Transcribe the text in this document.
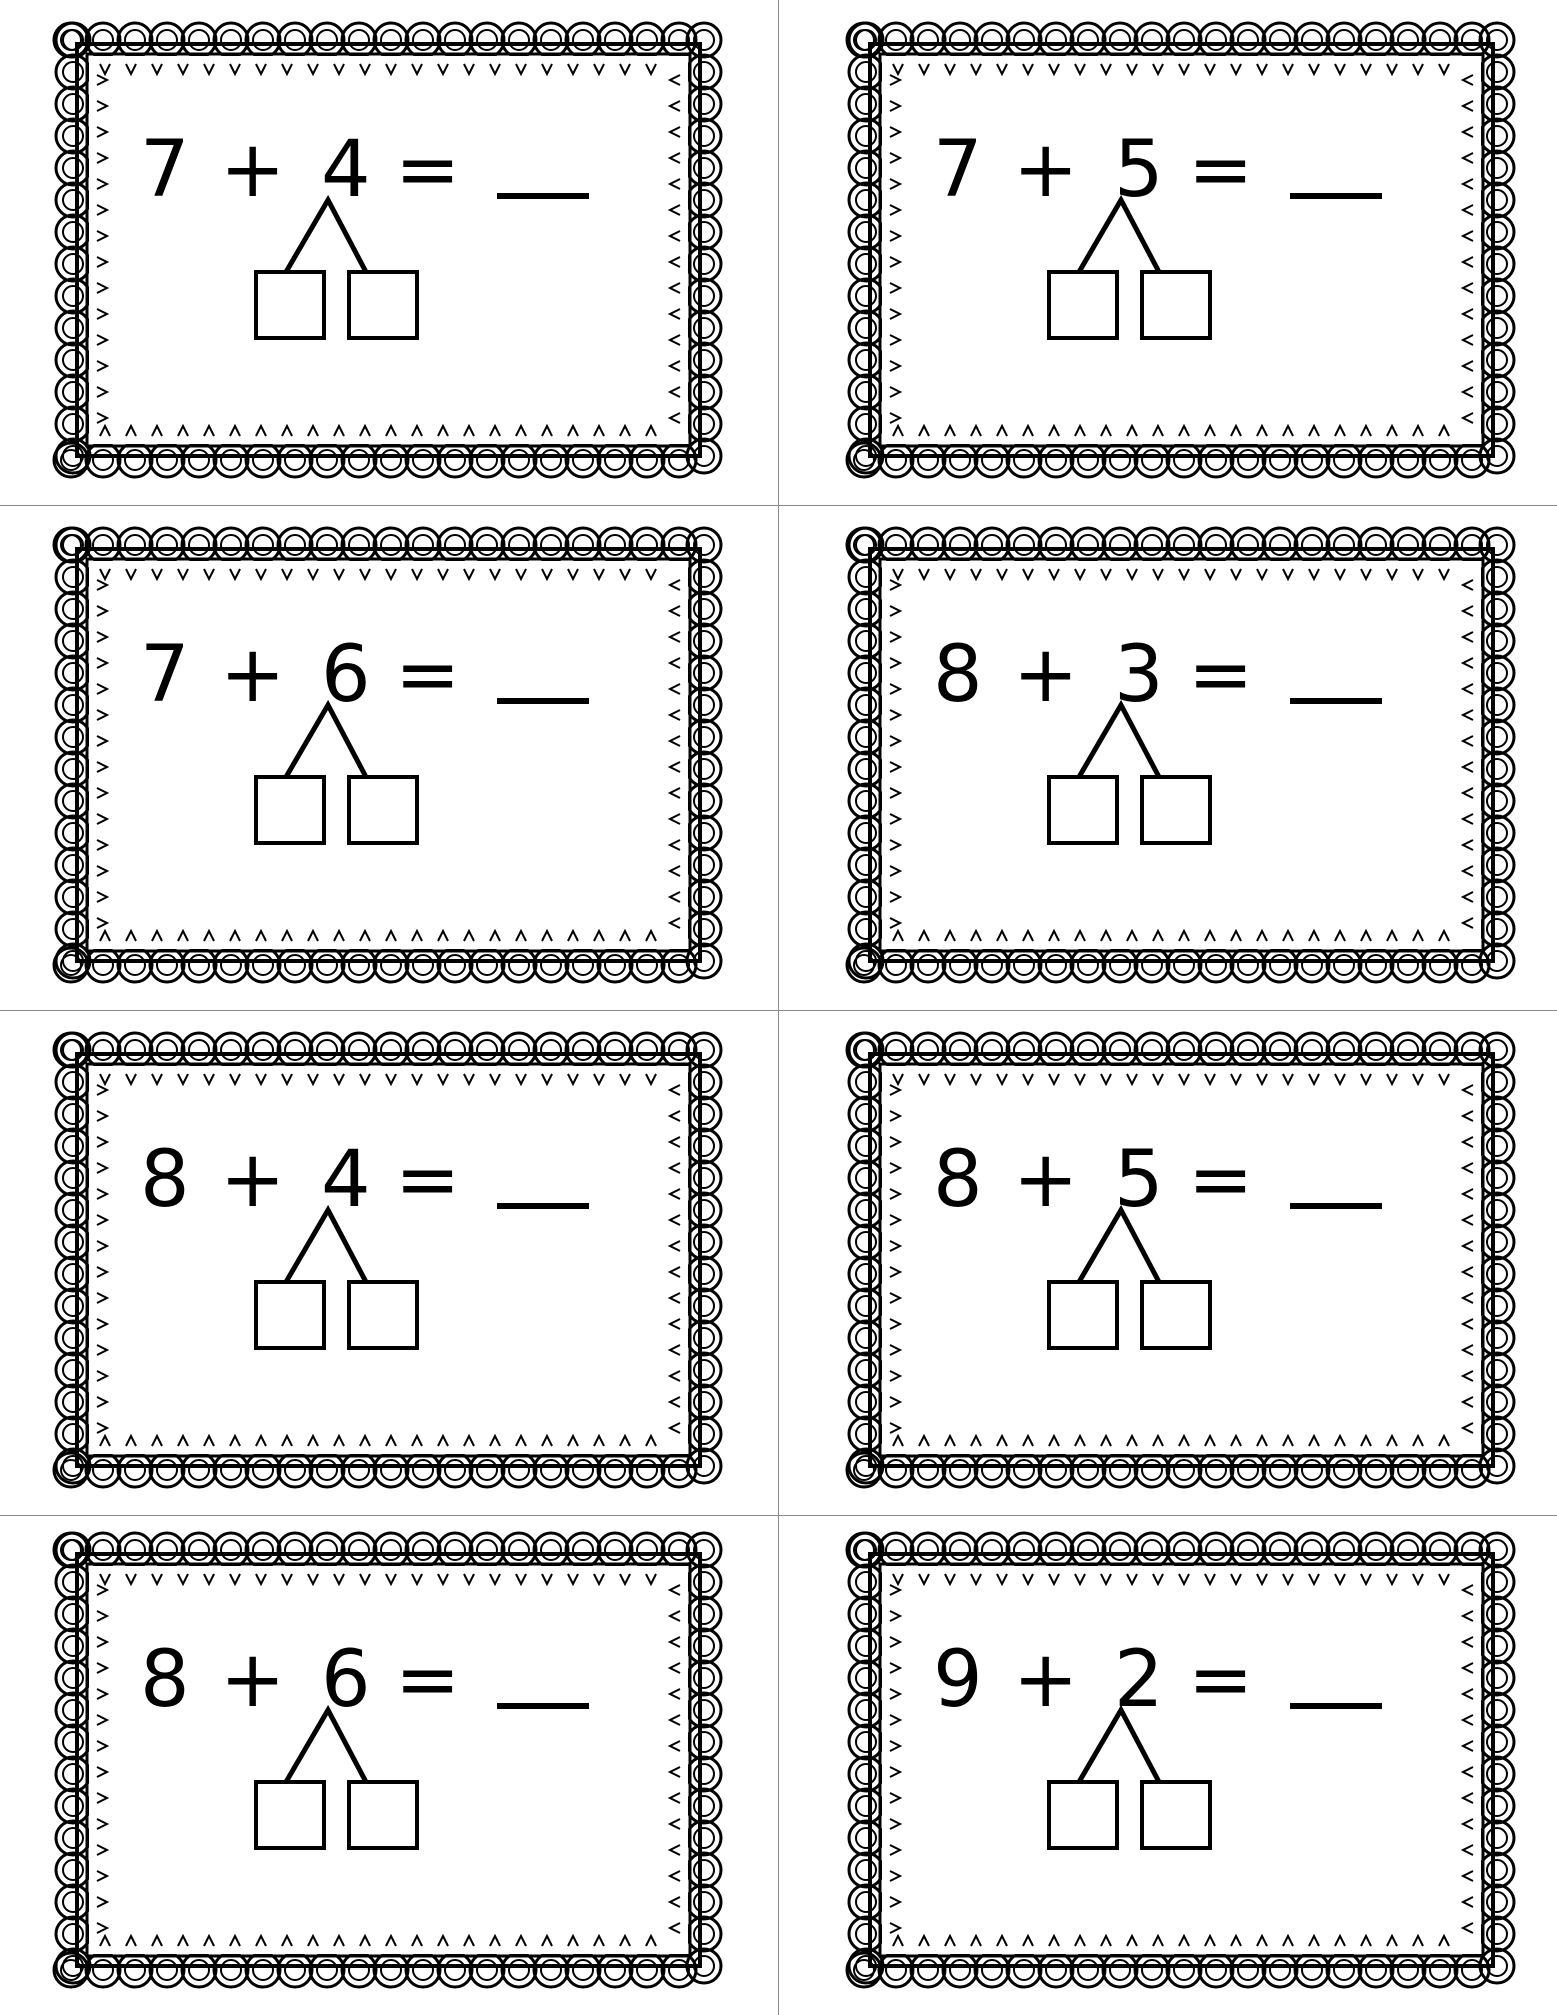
7 + 4 =	7 + 5 =
7 + 6 =	8 + 3 =
8 + 4 =	8 + 5 =
8 + 6 =	9 + 2 =
